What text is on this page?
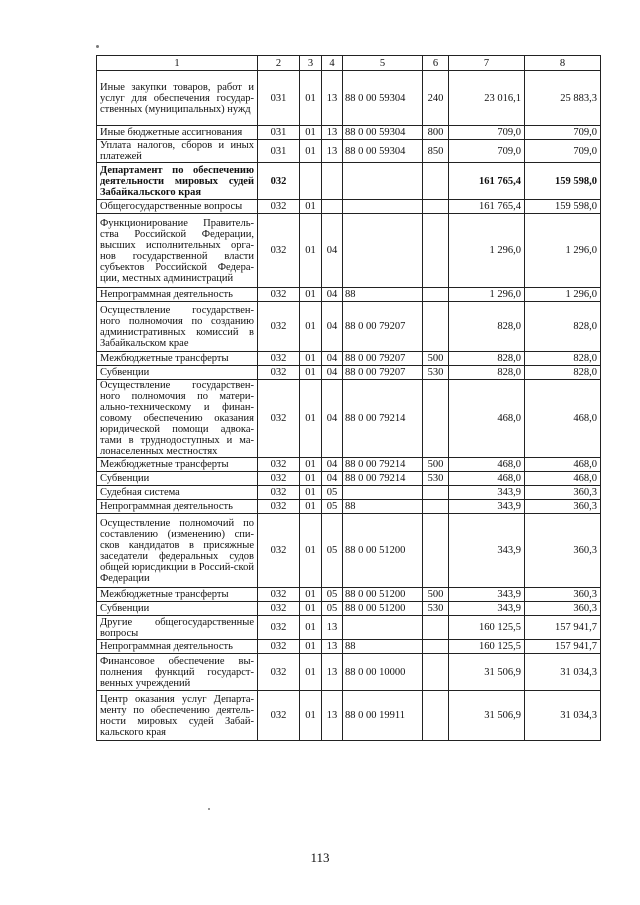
1	2	3	4	5	6	7	8
Иные закупки товаров, работ и услуг для обеспечения государ-ственных (муниципальных) нужд	031	01	13	88 0 00 59304	240	23 016,1	25 883,3
Иные бюджетные ассигнования	031	01	13	88 0 00 59304	800	709,0	709,0
Уплата налогов, сборов и иных платежей	031	01	13	88 0 00 59304	850	709,0	709,0
Департамент по обеспечению деятельности мировых судей Забайкальского края	032					161 765,4	159 598,0
Общегосударственные вопросы	032	01				161 765,4	159 598,0
Функционирование Правитель-ства Российской Федерации, высших исполнительных орга-нов государственной власти субъектов Российской Федера-ции, местных администраций	032	01	04			1 296,0	1 296,0
Непрограммная деятельность	032	01	04	88		1 296,0	1 296,0
Осуществление государствен-ного полномочия по созданию административных комиссий в Забайкальском крае	032	01	04	88 0 00 79207		828,0	828,0
Межбюджетные трансферты	032	01	04	88 0 00 79207	500	828,0	828,0
Субвенции	032	01	04	88 0 00 79207	530	828,0	828,0
Осуществление государствен-ного полномочия по матери-ально-техническому и финан-совому обеспечению оказания юридической помощи адвока-тами в труднодоступных и ма-лонаселенных местностях	032	01	04	88 0 00 79214		468,0	468,0
Межбюджетные трансферты	032	01	04	88 0 00 79214	500	468,0	468,0
Субвенции	032	01	04	88 0 00 79214	530	468,0	468,0
Судебная система	032	01	05			343,9	360,3
Непрограммная деятельность	032	01	05	88		343,9	360,3
Осуществление полномочий по составлению (изменению) спи-сков кандидатов в присяжные заседатели федеральных судов общей юрисдикции в Россий-ской Федерации	032	01	05	88 0 00 51200		343,9	360,3
Межбюджетные трансферты	032	01	05	88 0 00 51200	500	343,9	360,3
Субвенции	032	01	05	88 0 00 51200	530	343,9	360,3
Другие общегосударственные вопросы	032	01	13			160 125,5	157 941,7
Непрограммная деятельность	032	01	13	88		160 125,5	157 941,7
Финансовое обеспечение вы-полнения функций государст-венных учреждений	032	01	13	88 0 00 10000		31 506,9	31 034,3
Центр оказания услуг Департа-менту по обеспечению деятель-ности мировых судей Забай-кальского края	032	01	13	88 0 00 19911		31 506,9	31 034,3
113
